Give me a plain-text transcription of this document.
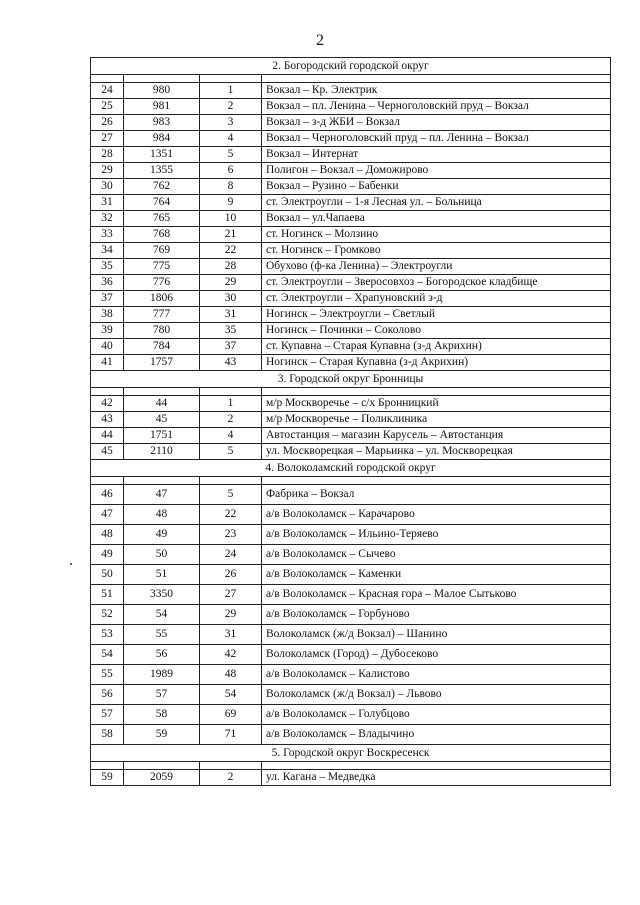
2
2. Богородский городской округ			

24	980	1	Вокзал – Кр. Электрик
25	981	2	Вокзал – пл. Ленина – Черноголовский пруд – Вокзал
26	983	3	Вокзал – з-д ЖБИ – Вокзал
27	984	4	Вокзал – Черноголовский пруд – пл. Ленина – Вокзал
28	1351	5	Вокзал – Интернат
29	1355	6	Полигон – Вокзал – Доможирово
30	762	8	Вокзал – Рузино – Бабенки
31	764	9	ст. Электроугли – 1-я Лесная ул. – Больница
32	765	10	Вокзал – ул.Чапаева
33	768	21	ст. Ногинск – Молзино
34	769	22	ст. Ногинск – Громково
35	775	28	Обухово (ф-ка Ленина) – Электроугли
36	776	29	ст. Электроугли – Зверосовхоз – Богородское кладбище
37	1806	30	ст. Электроугли – Храпуновский з-д
38	777	31	Ногинск – Электроугли – Светлый
39	780	35	Ногинск – Починки – Соколово
40	784	37	ст. Купавна – Старая Купавна (з-д Акрихин)
41	1757	43	Ногинск – Старая Купавна (з-д Акрихин)
3. Городской округ Бронницы			

42	44	1	м/р Москворечье – с/х Бронницкий
43	45	2	м/р Москворечье – Поликлиника
44	1751	4	Автостанция – магазин Карусель – Автостанция
45	2110	5	ул. Москворецкая – Марьинка – ул. Москворецкая
4. Волоколамский городской округ			

46	47	5	Фабрика – Вокзал
47	48	22	а/в Волоколамск – Карачарово
48	49	23	а/в Волоколамск – Ильино-Теряево
49	50	24	а/в Волоколамск – Сычево
50	51	26	а/в Волоколамск – Каменки
51	3350	27	а/в Волоколамск – Красная гора – Малое Сытьково
52	54	29	а/в Волоколамск – Горбуново
53	55	31	Волоколамск (ж/д Вокзал) – Шанино
54	56	42	Волоколамск (Город) – Дубосеково
55	1989	48	а/в Волоколамск – Калистово
56	57	54	Волоколамск (ж/д Вокзал) – Львово
57	58	69	а/в Волоколамск – Голубцово
58	59	71	а/в Волоколамск – Владычино
5. Городской округ Воскресенск			

59	2059	2	ул. Кагана – Медведка
